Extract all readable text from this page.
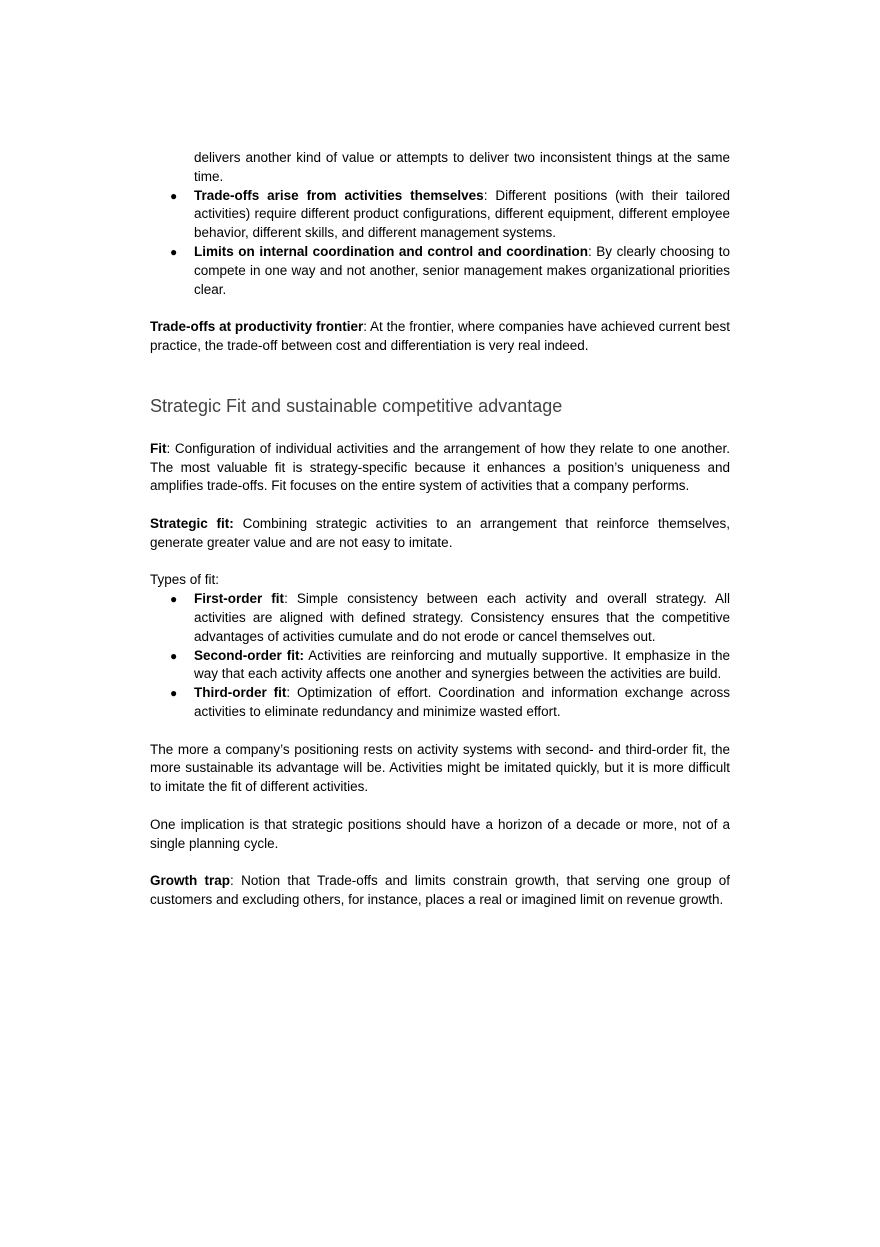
delivers another kind of value or attempts to deliver two inconsistent things at the same time.

● Trade-offs arise from activities themselves: Different positions (with their tailored activities) require different product configurations, different equipment, different employee behavior, different skills, and different management systems.
● Limits on internal coordination and control and coordination: By clearly choosing to compete in one way and not another, senior management makes organizational priorities clear.

Trade-offs at productivity frontier: At the frontier, where companies have achieved current best practice, the trade-off between cost and differentiation is very real indeed.

Strategic Fit and sustainable competitive advantage

Fit: Configuration of individual activities and the arrangement of how they relate to one another. The most valuable fit is strategy-specific because it enhances a position’s uniqueness and amplifies trade-offs. Fit focuses on the entire system of activities that a company performs.

Strategic fit: Combining strategic activities to an arrangement that reinforce themselves, generate greater value and are not easy to imitate.

Types of fit:

● First-order fit: Simple consistency between each activity and overall strategy. All activities are aligned with defined strategy. Consistency ensures that the competitive advantages of activities cumulate and do not erode or cancel themselves out.
● Second-order fit: Activities are reinforcing and mutually supportive. It emphasize in the way that each activity affects one another and synergies between the activities are build.
● Third-order fit: Optimization of effort. Coordination and information exchange across activities to eliminate redundancy and minimize wasted effort.

The more a company’s positioning rests on activity systems with second- and third-order fit, the more sustainable its advantage will be. Activities might be imitated quickly, but it is more difficult to imitate the fit of different activities.

One implication is that strategic positions should have a horizon of a decade or more, not of a single planning cycle.

Growth trap: Notion that Trade-offs and limits constrain growth, that serving one group of customers and excluding others, for instance, places a real or imagined limit on revenue growth.
